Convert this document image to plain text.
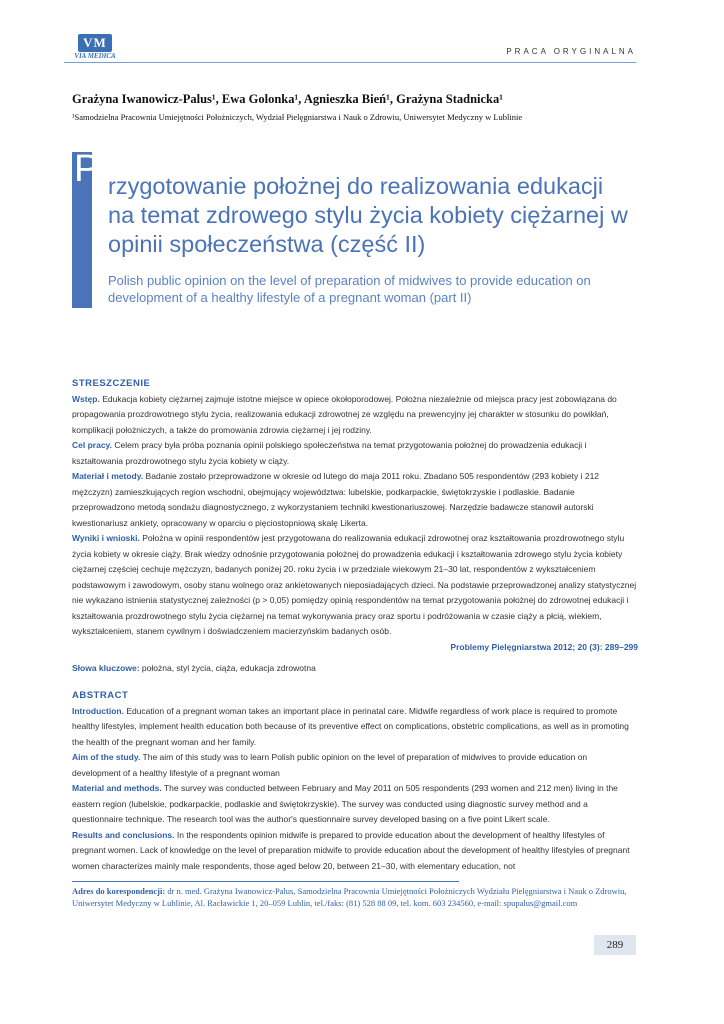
VM
VIA MEDICA	PRACA ORYGINALNA
Grażyna Iwanowicz-Palus¹, Ewa Golonka¹, Agnieszka Bień¹, Grażyna Stadnicka¹
¹Samodzielna Pracownia Umiejętności Położniczych, Wydział Pielęgniarstwa i Nauk o Zdrowiu, Uniwersytet Medyczny w Lublinie
P rzygotowanie położnej do realizowania edukacji na temat zdrowego stylu życia kobiety ciężarnej w opinii społeczeństwa (część II)
Polish public opinion on the level of preparation of midwives to provide education on development of a healthy lifestyle of a pregnant woman (part II)
STRESZCZENIE
Wstęp. Edukacja kobiety ciężarnej zajmuje istotne miejsce w opiece okołoporodowej. Położna niezależnie od miejsca pracy jest zobowiązana do propagowania prozdrowotnego stylu życia, realizowania edukacji zdrowotnej ze względu na prewencyjny jej charakter w stosunku do powikłań, komplikacji położniczych, a także do promowania zdrowia ciężarnej i jej rodziny.
Cel pracy. Celem pracy była próba poznania opinii polskiego społeczeństwa na temat przygotowania położnej do prowadzenia edukacji i kształtowania prozdrowotnego stylu życia kobiety w ciąży.
Materiał i metody. Badanie zostało przeprowadzone w okresie od lutego do maja 2011 roku. Zbadano 505 respondentów (293 kobiety i 212 mężczyzn) zamieszkujących region wschodni, obejmujący województwa: lubelskie, podkarpackie, świętokrzyskie i podlaskie. Badanie przeprowadzono metodą sondażu diagnostycznego, z wykorzystaniem techniki kwestionariuszowej. Narzędzie badawcze stanowił autorski kwestionariusz ankiety, opracowany w oparciu o pięciostopniową skalę Likerta.
Wyniki i wnioski. Położna w opinii respondentów jest przygotowana do realizowania edukacji zdrowotnej oraz kształtowania prozdrowotnego stylu życia kobiety w okresie ciąży. Brak wiedzy odnośnie przygotowania położnej do prowadzenia edukacji i kształtowania zdrowego stylu życia kobiety ciężarnej częściej cechuje mężczyzn, badanych poniżej 20. roku życia i w przedziale wiekowym 21–30 lat, respondentów z wykształceniem podstawowym i zawodowym, osoby stanu wolnego oraz ankietowanych nieposiadających dzieci. Na podstawie przeprowadzonej analizy statystycznej nie wykazano istnienia statystycznej zależności (p > 0,05) pomiędzy opinią respondentów na temat przygotowania położnej do zdrowotnej edukacji i kształtowania prozdrowotnego stylu życia ciężarnej na temat wykonywania pracy oraz sportu i podróżowania w czasie ciąży a płcią, wiekiem, wykształceniem, stanem cywilnym i doświadczeniem macierzyńskim badanych osób.
Problemy Pielęgniarstwa 2012; 20 (3): 289–299
Słowa kluczowe: położna, styl życia, ciąża, edukacja zdrowotna
ABSTRACT
Introduction. Education of a pregnant woman takes an important place in perinatal care. Midwife regardless of work place is required to promote healthy lifestyles, implement health education both because of its preventive effect on complications, obstetric complications, as well as in promoting the health of the pregnant woman and her family.
Aim of the study. The aim of this study was to learn Polish public opinion on the level of preparation of midwives to provide education on development of a healthy lifestyle of a pregnant woman
Material and methods. The survey was conducted between February and May 2011 on 505 respondents (293 women and 212 men) living in the eastern region (lubelskie, podkarpackie, podlaskie and świętokrzyskie). The survey was conducted using diagnostic survey method and a questionnaire technique. The research tool was the author's questionnaire survey developed basing on a five point Likert scale.
Results and conclusions. In the respondents opinion midwife is prepared to provide education about the development of healthy lifestyles of pregnant women. Lack of knowledge on the level of preparation midwife to provide education about the development of healthy lifestyles of pregnant women characterizes mainly male respondents, those aged below 20, between 21–30, with elementary education, not
Adres do korespondencji: dr n. med. Grażyna Iwanowicz-Palus, Samodzielna Pracownia Umiejętności Położniczych Wydziału Pielęgniarstwa i Nauk o Zdrowiu, Uniwersytet Medyczny w Lublinie, Al. Racławickie 1, 20–059 Lublin, tel./faks: (81) 528 88 09, tel. kom. 603 234560, e-mail: spupalus@gmail.com
289
